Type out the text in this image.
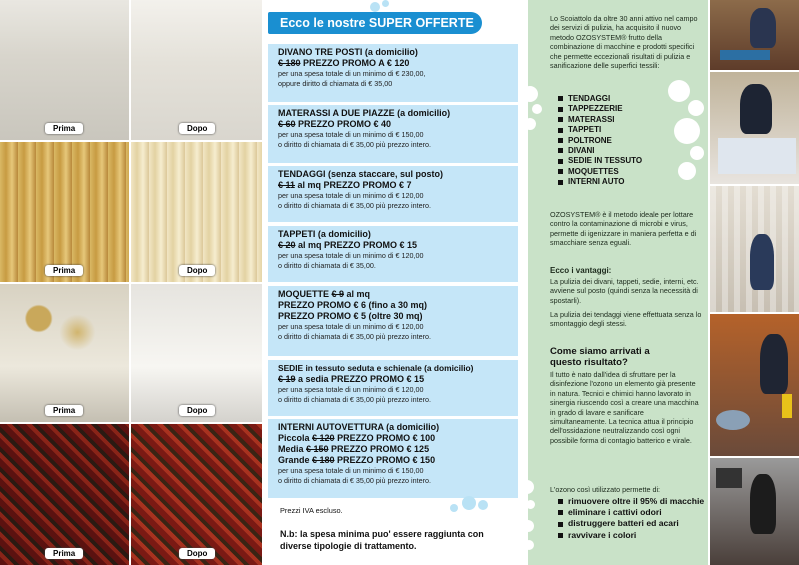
Prima	Dopo
Prima	Dopo
Prima	Dopo
Prima	Dopo
Ecco le nostre SUPER OFFERTE
DIVANO TRE POSTI (a domicilio)
€ 180 PREZZO PROMO A € 120
per una spesa totale di un minimo di € 230,00,
oppure diritto di chiamata di € 35,00
MATERASSI A DUE PIAZZE (a domicilio)
€ 60 PREZZO PROMO € 40
per una spesa totale di un minimo di € 150,00
o diritto di chiamata di € 35,00 più prezzo intero.
TENDAGGI (senza staccare, sul posto)
€ 11 al mq PREZZO PROMO € 7
per una spesa totale di un minimo di € 120,00
o diritto di chiamata di € 35,00 più prezzo intero.
TAPPETI (a domicilio)
€ 20 al mq PREZZO PROMO € 15
per una spesa totale di un minimo di € 120,00
o diritto di chiamata di € 35,00.
MOQUETTE € 9 al mq
PREZZO PROMO € 6 (fino a 30 mq)
PREZZO PROMO € 5 (oltre 30 mq)
per una spesa totale di un minimo di € 120,00
o diritto di chiamata di € 35,00 più prezzo intero.
SEDIE in tessuto seduta e schienale (a domicilio)
€ 19 a sedia PREZZO PROMO € 15
per una spesa totale di un minimo di € 120,00
o diritto di chiamata di € 35,00 più prezzo intero.
INTERNI AUTOVETTURA (a domicilio)
Piccola € 120 PREZZO PROMO € 100
Media € 150 PREZZO PROMO € 125
Grande € 180 PREZZO PROMO € 150
per una spesa totale di un minimo di € 150,00
o diritto di chiamata di € 35,00 più prezzo intero.
Prezzi IVA escluso.
N.b: la spesa minima puo' essere raggiunta con diverse tipologie di trattamento.
Lo Scoiattolo da oltre 30 anni attivo nel campo dei servizi di pulizia, ha acquisito il nuovo metodo OZOSYSTEM® frutto della combinazione di macchine e prodotti specifici che permette eccezionali risultati di pulizia e sanificazione delle superfici tessili:
TENDAGGI
TAPPEZZERIE
MATERASSI
TAPPETI
POLTRONE
DIVANI
SEDIE IN TESSUTO
MOQUETTES
INTERNI AUTO
OZOSYSTEM® è il metodo ideale per lottare contro la contaminazione di microbi e virus, permette di igenizzare in maniera perfetta e di smacchiare senza eguali.
Ecco i vantaggi:
La pulizia dei divani, tappeti, sedie, interni, etc. avviene sul posto (quindi senza la necessità di spostarli).
La pulizia dei tendaggi viene effettuata senza lo smontaggio degli stessi.
Come siamo arrivati a questo risultato?
Il tutto è nato dall'idea di sfruttare per la disinfezione l'ozono un elemento già presente in natura. Tecnici e chimici hanno lavorato in sinergia riuscendo così a creare una macchina in grado di lavare e sanificare simultaneamente. La tecnica attua il principio dell'ossidazione neutralizzando così ogni possibile forma di contagio batterico e virale.
L'ozono così utilizzato permette di:
rimuovere oltre il 95% di macchie
eliminare i cattivi odori
distruggere batteri ed acari
ravvivare i colori
